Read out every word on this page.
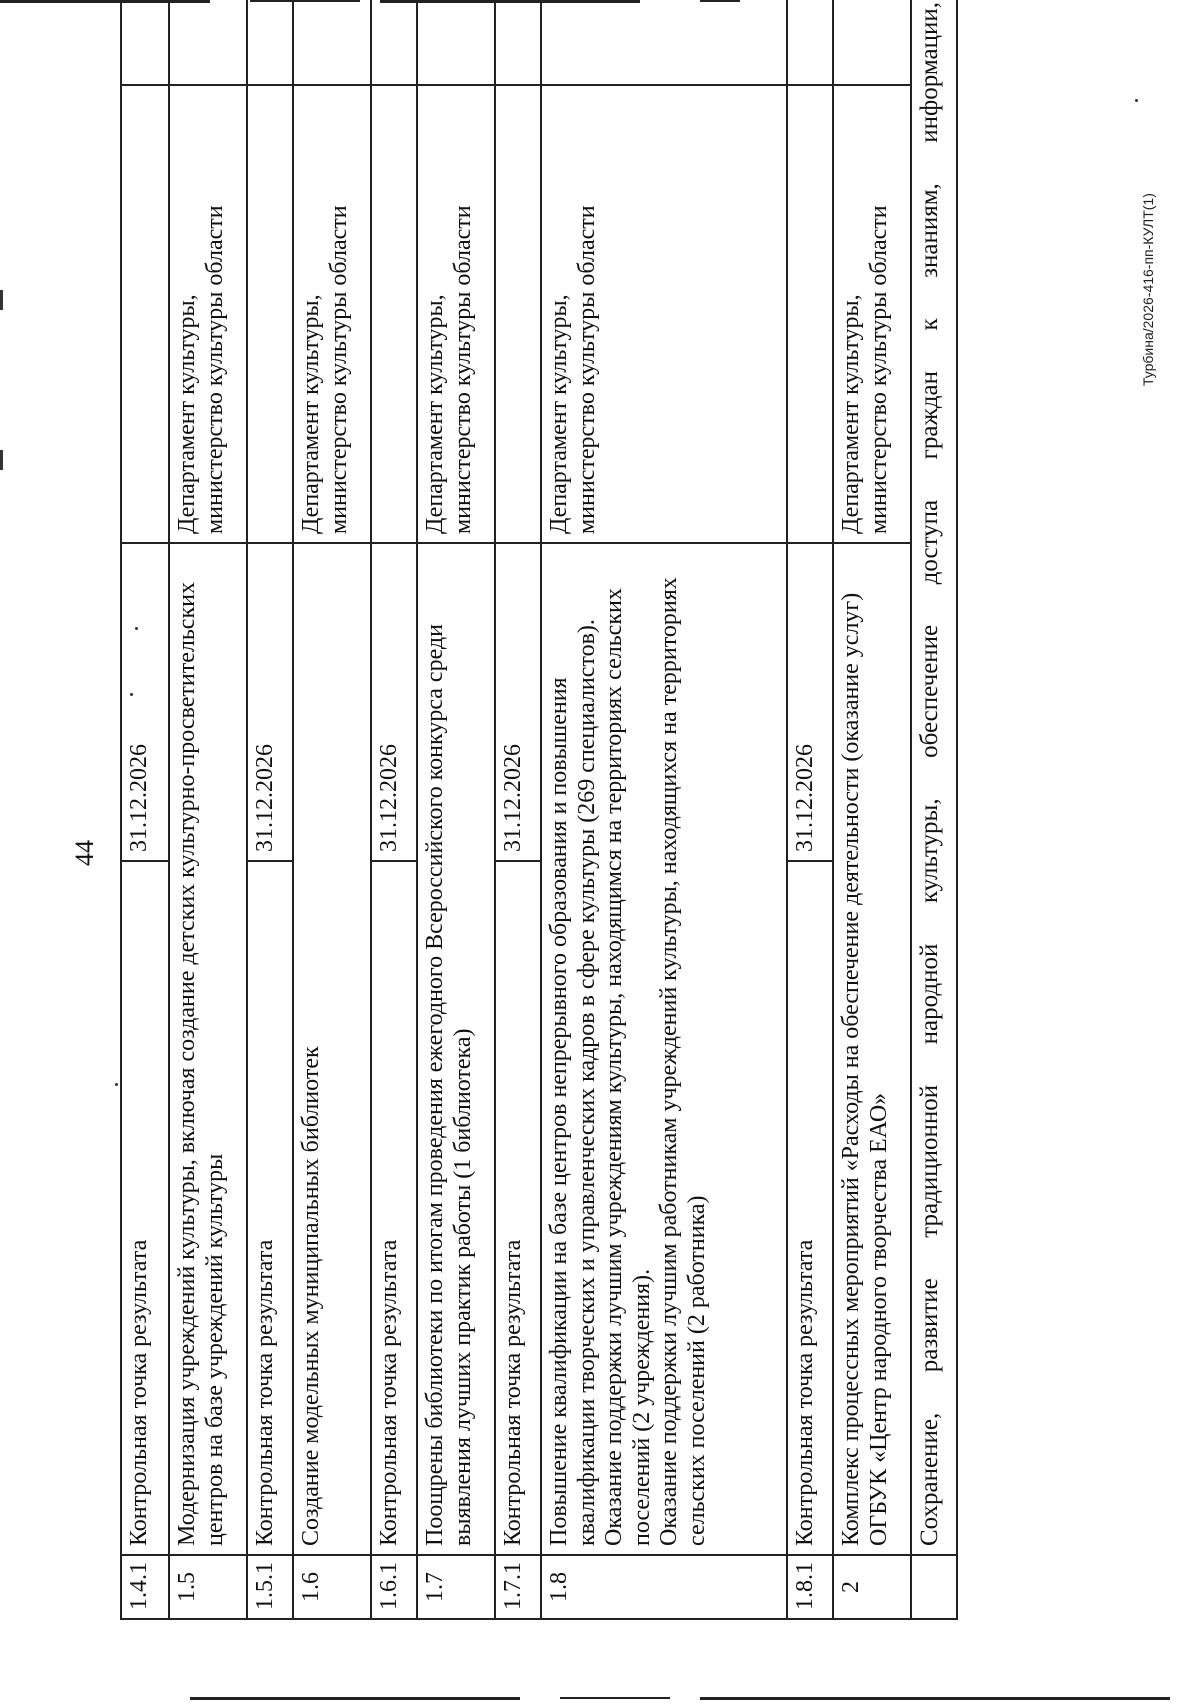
44
1.4.1	Контрольная точка результата	31.12.2026		
1.5	Модернизация учреждений культуры, включая создание детских культурно-просветительских центров на базе учреждений культуры		Департамент культуры,
министерство культуры области	
1.5.1	Контрольная точка результата	31.12.2026		
1.6	Создание модельных муниципальных библиотек		Департамент культуры,
министерство культуры области	
1.6.1	Контрольная точка результата	31.12.2026		
1.7	Поощрены библиотеки по итогам проведения ежегодного Всероссийского конкурса среди выявления лучших практик работы (1 библиотека)		Департамент культуры,
министерство культуры области	
1.7.1	Контрольная точка результата	31.12.2026		
1.8	Повышение квалификации на базе центров непрерывного образования и повышения квалификации творческих и управленческих кадров в сфере культуры (269 специалистов).
Оказание поддержки лучшим учреждениям культуры, находящимся на территориях сельских поселений (2 учреждения).
Оказание поддержки лучшим работникам учреждений культуры, находящихся на территориях сельских поселений (2 работника)		Департамент культуры,
министерство культуры области	
1.8.1	Контрольная точка результата	31.12.2026		
2	Комплекс процессных мероприятий «Расходы на обеспечение деятельности (оказание услуг) ОГБУК «Центр народного творчества ЕАО»		Департамент культуры,
министерство культуры области	
	Сохранение, развитие традиционной народной культуры, обеспечение доступа граждан к знаниям, информации,				Турбина/2026-416-пп-КУЛТ(1)
